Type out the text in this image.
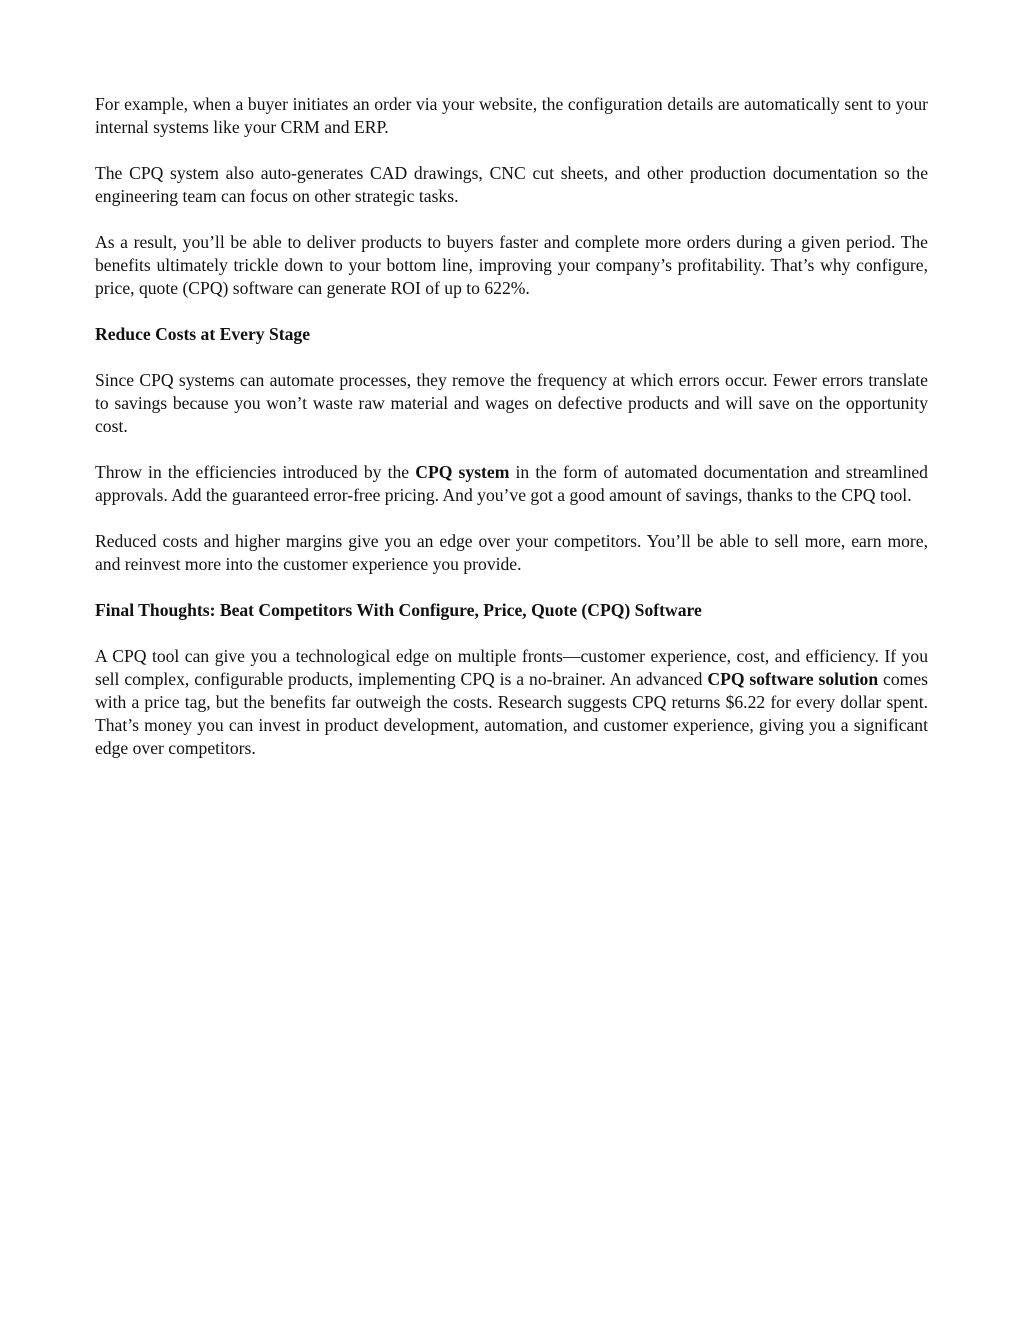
For example, when a buyer initiates an order via your website, the configuration details are automatically sent to your internal systems like your CRM and ERP.

The CPQ system also auto-generates CAD drawings, CNC cut sheets, and other production documentation so the engineering team can focus on other strategic tasks.

As a result, you’ll be able to deliver products to buyers faster and complete more orders during a given period. The benefits ultimately trickle down to your bottom line, improving your company’s profitability. That’s why configure, price, quote (CPQ) software can generate ROI of up to 622%.

Reduce Costs at Every Stage

Since CPQ systems can automate processes, they remove the frequency at which errors occur. Fewer errors translate to savings because you won’t waste raw material and wages on defective products and will save on the opportunity cost.

Throw in the efficiencies introduced by the CPQ system in the form of automated documentation and streamlined approvals. Add the guaranteed error-free pricing. And you’ve got a good amount of savings, thanks to the CPQ tool.

Reduced costs and higher margins give you an edge over your competitors. You’ll be able to sell more, earn more, and reinvest more into the customer experience you provide.

Final Thoughts: Beat Competitors With Configure, Price, Quote (CPQ) Software

A CPQ tool can give you a technological edge on multiple fronts—customer experience, cost, and efficiency. If you sell complex, configurable products, implementing CPQ is a no-brainer. An advanced CPQ software solution comes with a price tag, but the benefits far outweigh the costs. Research suggests CPQ returns $6.22 for every dollar spent. That’s money you can invest in product development, automation, and customer experience, giving you a significant edge over competitors.
